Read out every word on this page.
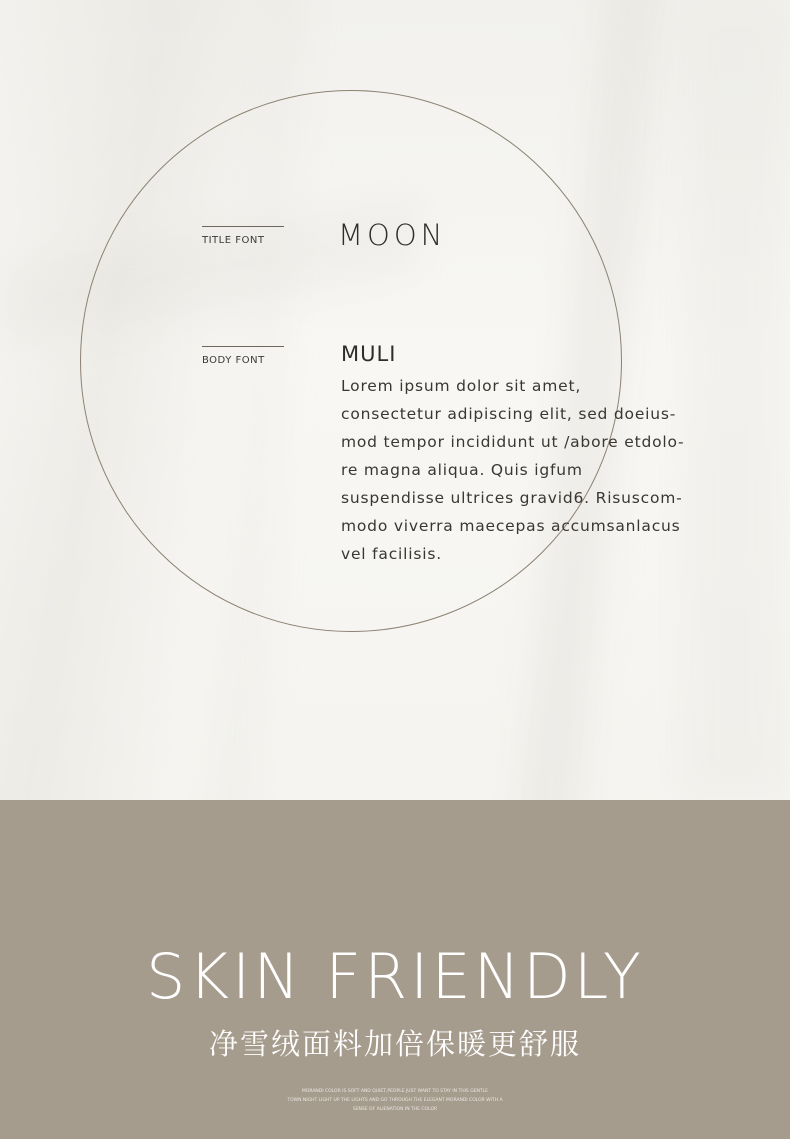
TITLE FONT	MOON
BODY FONT	MULI
Lorem ipsum dolor sit amet,
consectetur adipiscing elit, sed doeius-
mod tempor incididunt ut /abore etdolo-
re magna aliqua. Quis igfum
suspendisse ultrices gravid6. Risuscom-
modo viverra maecepas accumsanlacus
vel facilisis.
SKIN FRIENDLY
净雪绒面料加倍保暖更舒服
MORANDI COLOR IS SOFT AND QUIET,PEOPLE JUST WANT TO STAY IN THIS GENTLE
TOWN NIGHT LIGHT UP THE LIGHTS AND GO THROUGH THE ELEGANT MORANDI COLOR WITH A
SENSE OF ALIENATION IN THE COLOR
